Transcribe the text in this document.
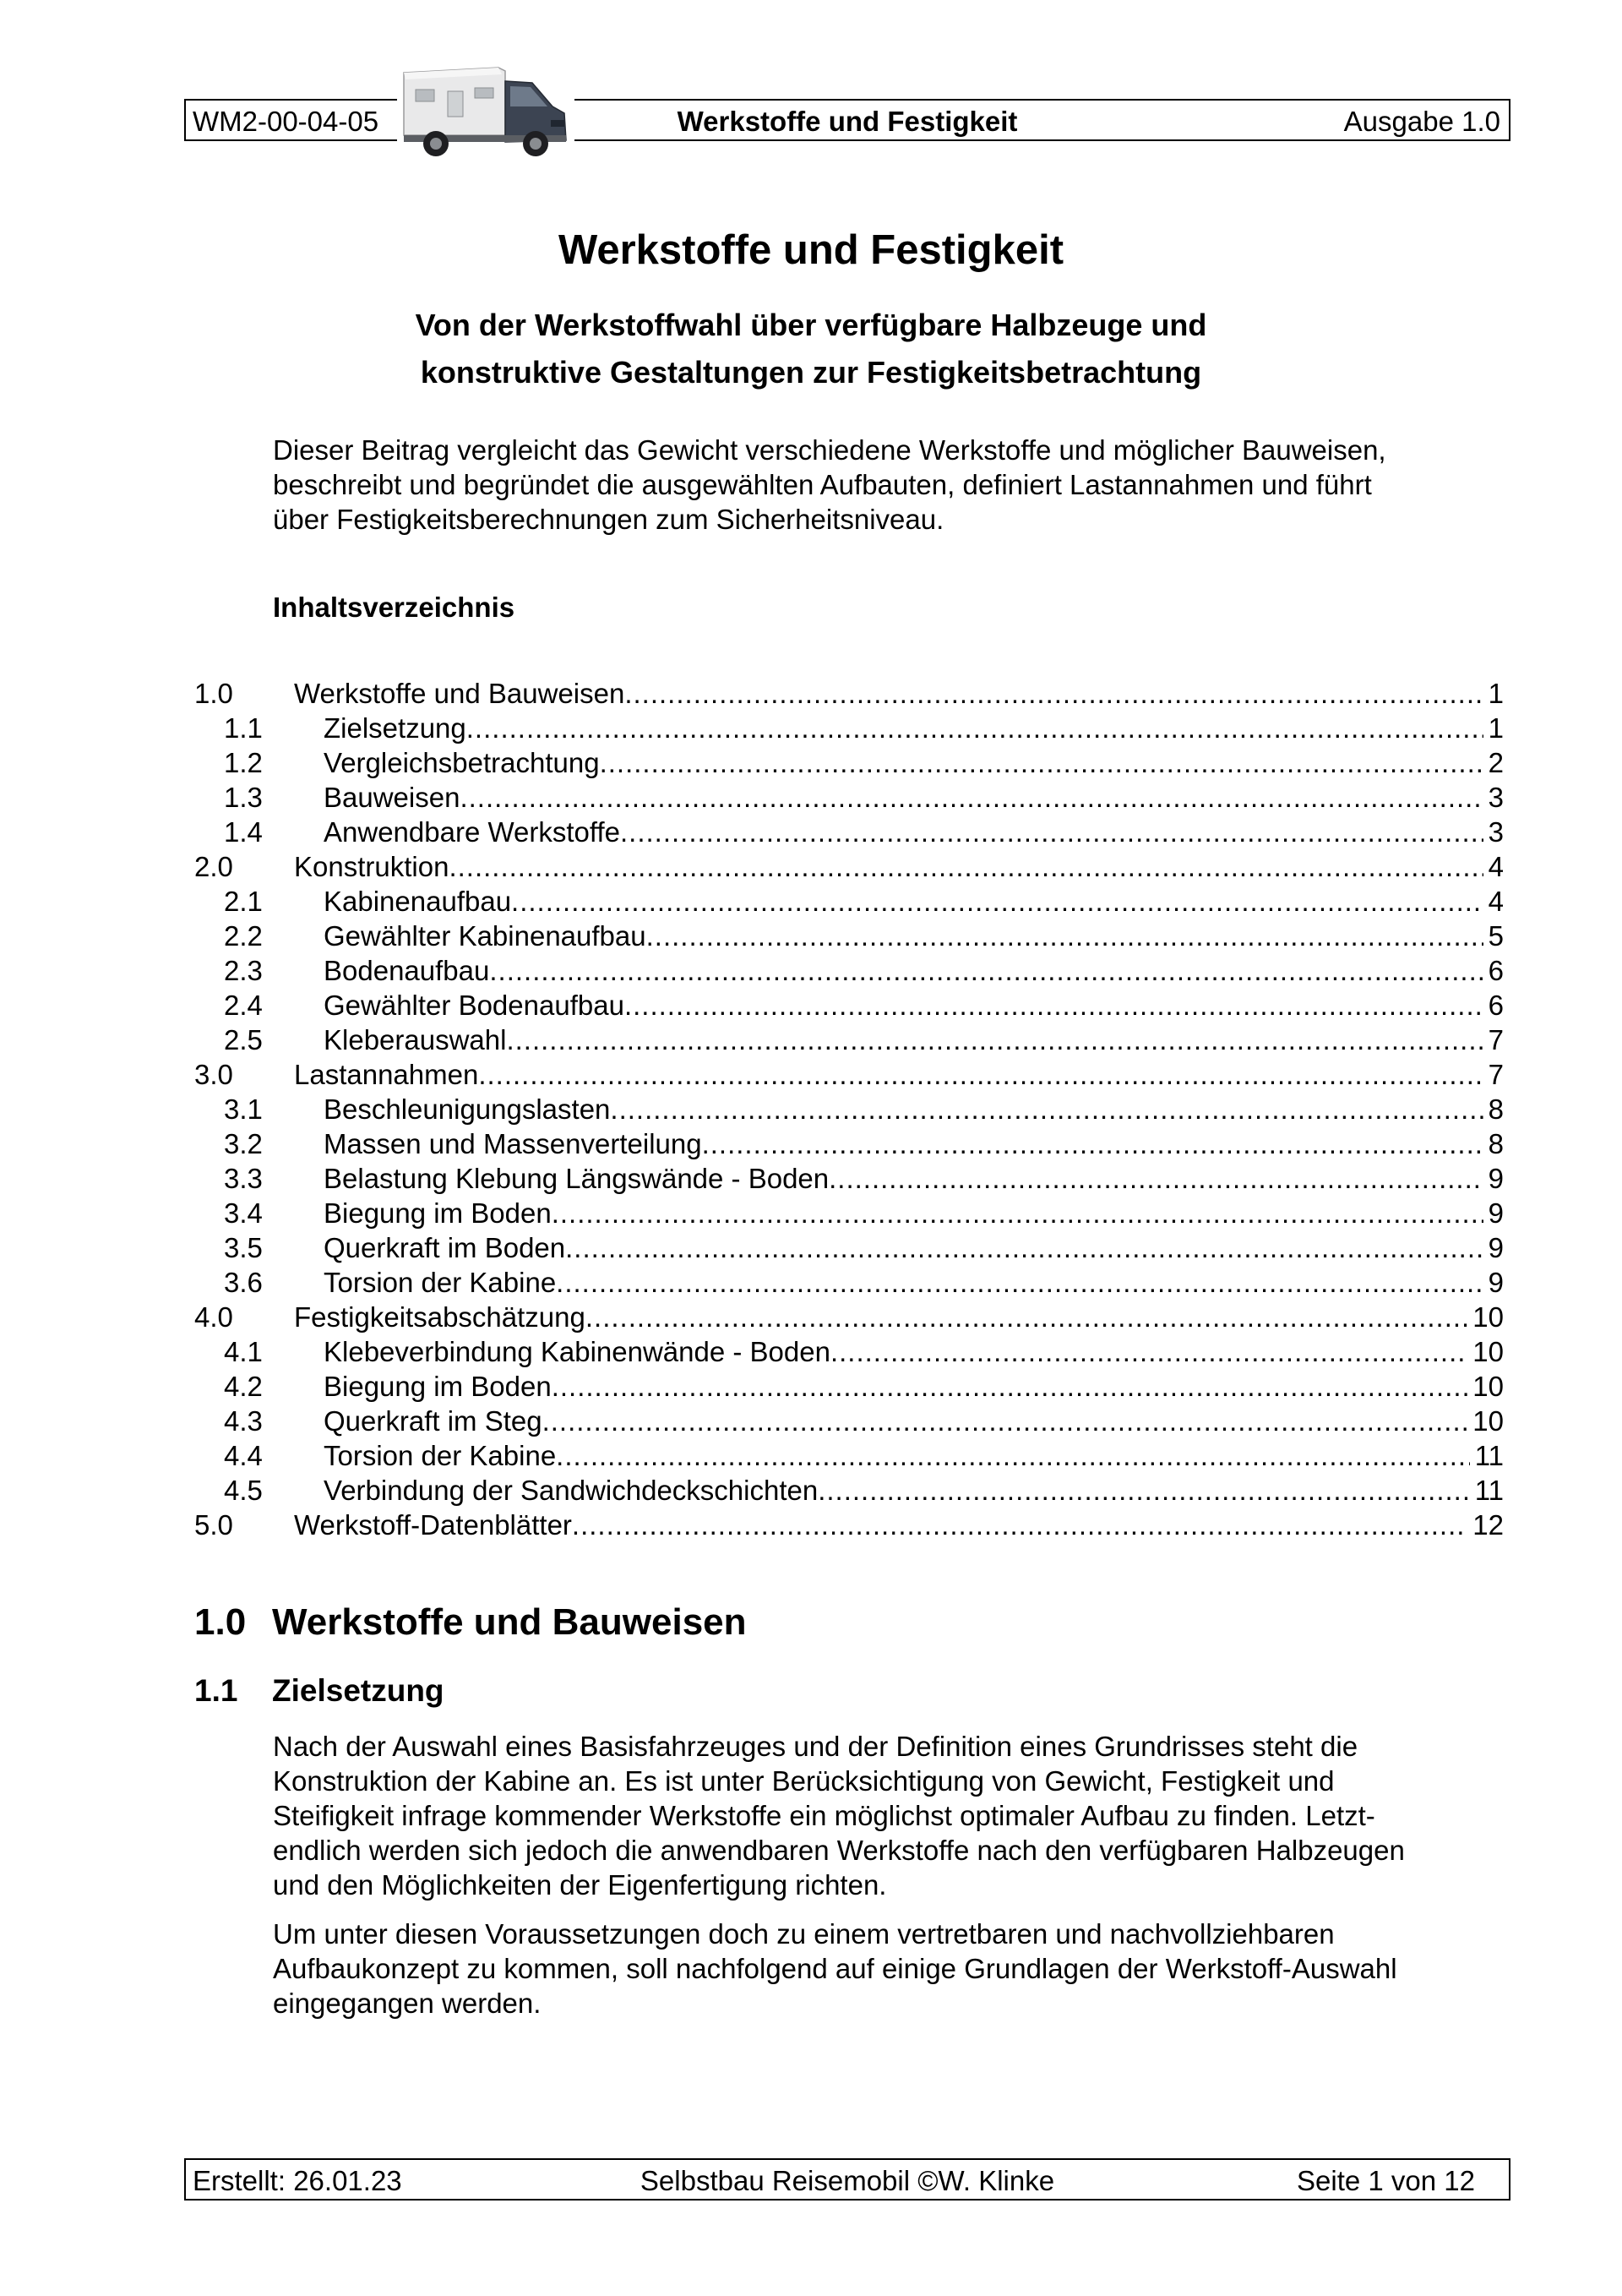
WM2-00-04-05	Werkstoffe und Festigkeit	Ausgabe 1.0
Werkstoffe und Festigkeit
Von der Werkstoffwahl über verfügbare Halbzeuge und
konstruktive Gestaltungen zur Festigkeitsbetrachtung
Dieser Beitrag vergleicht das Gewicht verschiedene Werkstoffe und möglicher Bauweisen,
beschreibt und begründet die ausgewählten Aufbauten, definiert Lastannahmen und führt
über Festigkeitsberechnungen zum Sicherheitsniveau.
Inhaltsverzeichnis
1.0	Werkstoffe und Bauweisen .....	1
1.1	Zielsetzung .....	1
1.2	Vergleichsbetrachtung .....	2
1.3	Bauweisen .....	3
1.4	Anwendbare Werkstoffe .....	3
2.0	Konstruktion .....	4
2.1	Kabinenaufbau .....	4
2.2	Gewählter Kabinenaufbau .....	5
2.3	Bodenaufbau .....	6
2.4	Gewählter Bodenaufbau .....	6
2.5	Kleberauswahl .....	7
3.0	Lastannahmen .....	7
3.1	Beschleunigungslasten .....	8
3.2	Massen und Massenverteilung .....	8
3.3	Belastung Klebung Längswände - Boden .....	9
3.4	Biegung im Boden .....	9
3.5	Querkraft im Boden .....	9
3.6	Torsion der Kabine .....	9
4.0	Festigkeitsabschätzung .....	10
4.1	Klebeverbindung Kabinenwände - Boden .....	10
4.2	Biegung im Boden .....	10
4.3	Querkraft im Steg .....	10
4.4	Torsion der Kabine .....	11
4.5	Verbindung der Sandwichdeckschichten .....	11
5.0	Werkstoff-Datenblätter .....	12
1.0 Werkstoffe und Bauweisen
1.1 Zielsetzung
Nach der Auswahl eines Basisfahrzeuges und der Definition eines Grundrisses steht die
Konstruktion der Kabine an. Es ist unter Berücksichtigung von Gewicht, Festigkeit und
Steifigkeit infrage kommender Werkstoffe ein möglichst optimaler Aufbau zu finden. Letzt-
endlich werden sich jedoch die anwendbaren Werkstoffe nach den verfügbaren Halbzeugen
und den Möglichkeiten der Eigenfertigung richten.
Um unter diesen Voraussetzungen doch zu einem vertretbaren und nachvollziehbaren
Aufbaukonzept zu kommen, soll nachfolgend auf einige Grundlagen der Werkstoff-Auswahl
eingegangen werden.
Erstellt: 26.01.23	Selbstbau Reisemobil ©W. Klinke	Seite 1 von 12
